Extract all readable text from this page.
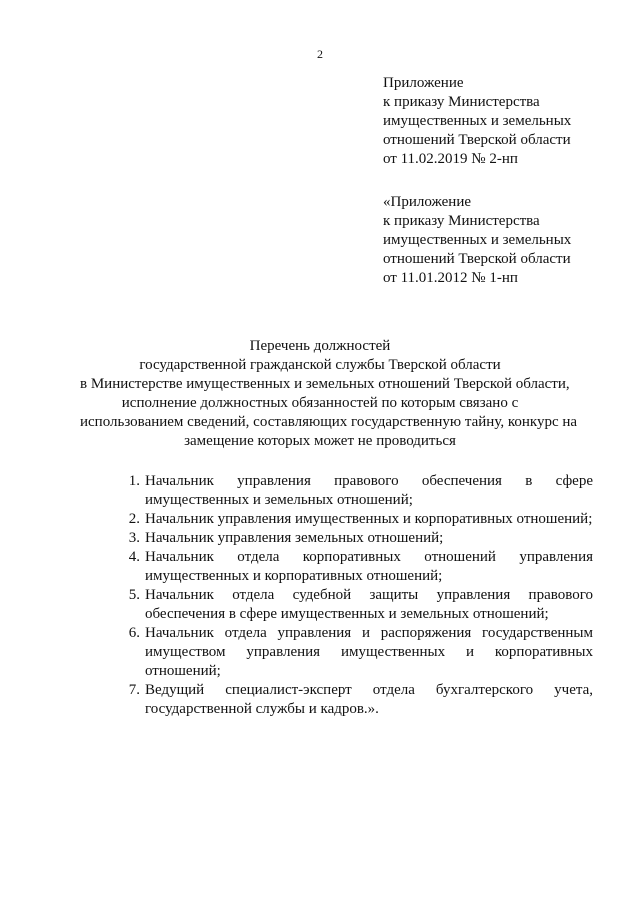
2
Приложение
к приказу Министерства
имущественных и земельных
отношений Тверской области
от 11.02.2019 № 2-нп
«Приложение
к приказу Министерства
имущественных и земельных
отношений Тверской области
от 11.01.2012 № 1-нп
Перечень должностей
государственной гражданской службы Тверской области
в Министерстве имущественных и земельных отношений Тверской области,
исполнение должностных обязанностей по которым связано с
использованием сведений, составляющих государственную тайну, конкурс на
замещение которых может не проводиться
1. Начальник управления правового обеспечения в сфере
имущественных и земельных отношений;
2. Начальник управления имущественных и корпоративных отношений;
3. Начальник управления земельных отношений;
4. Начальник отдела корпоративных отношений управления
имущественных и корпоративных отношений;
5. Начальник отдела судебной защиты управления правового
обеспечения в сфере имущественных и земельных отношений;
6. Начальник отдела управления и распоряжения государственным
имуществом управления имущественных и корпоративных
отношений;
7. Ведущий специалист-эксперт отдела бухгалтерского учета,
государственной службы и кадров.».
